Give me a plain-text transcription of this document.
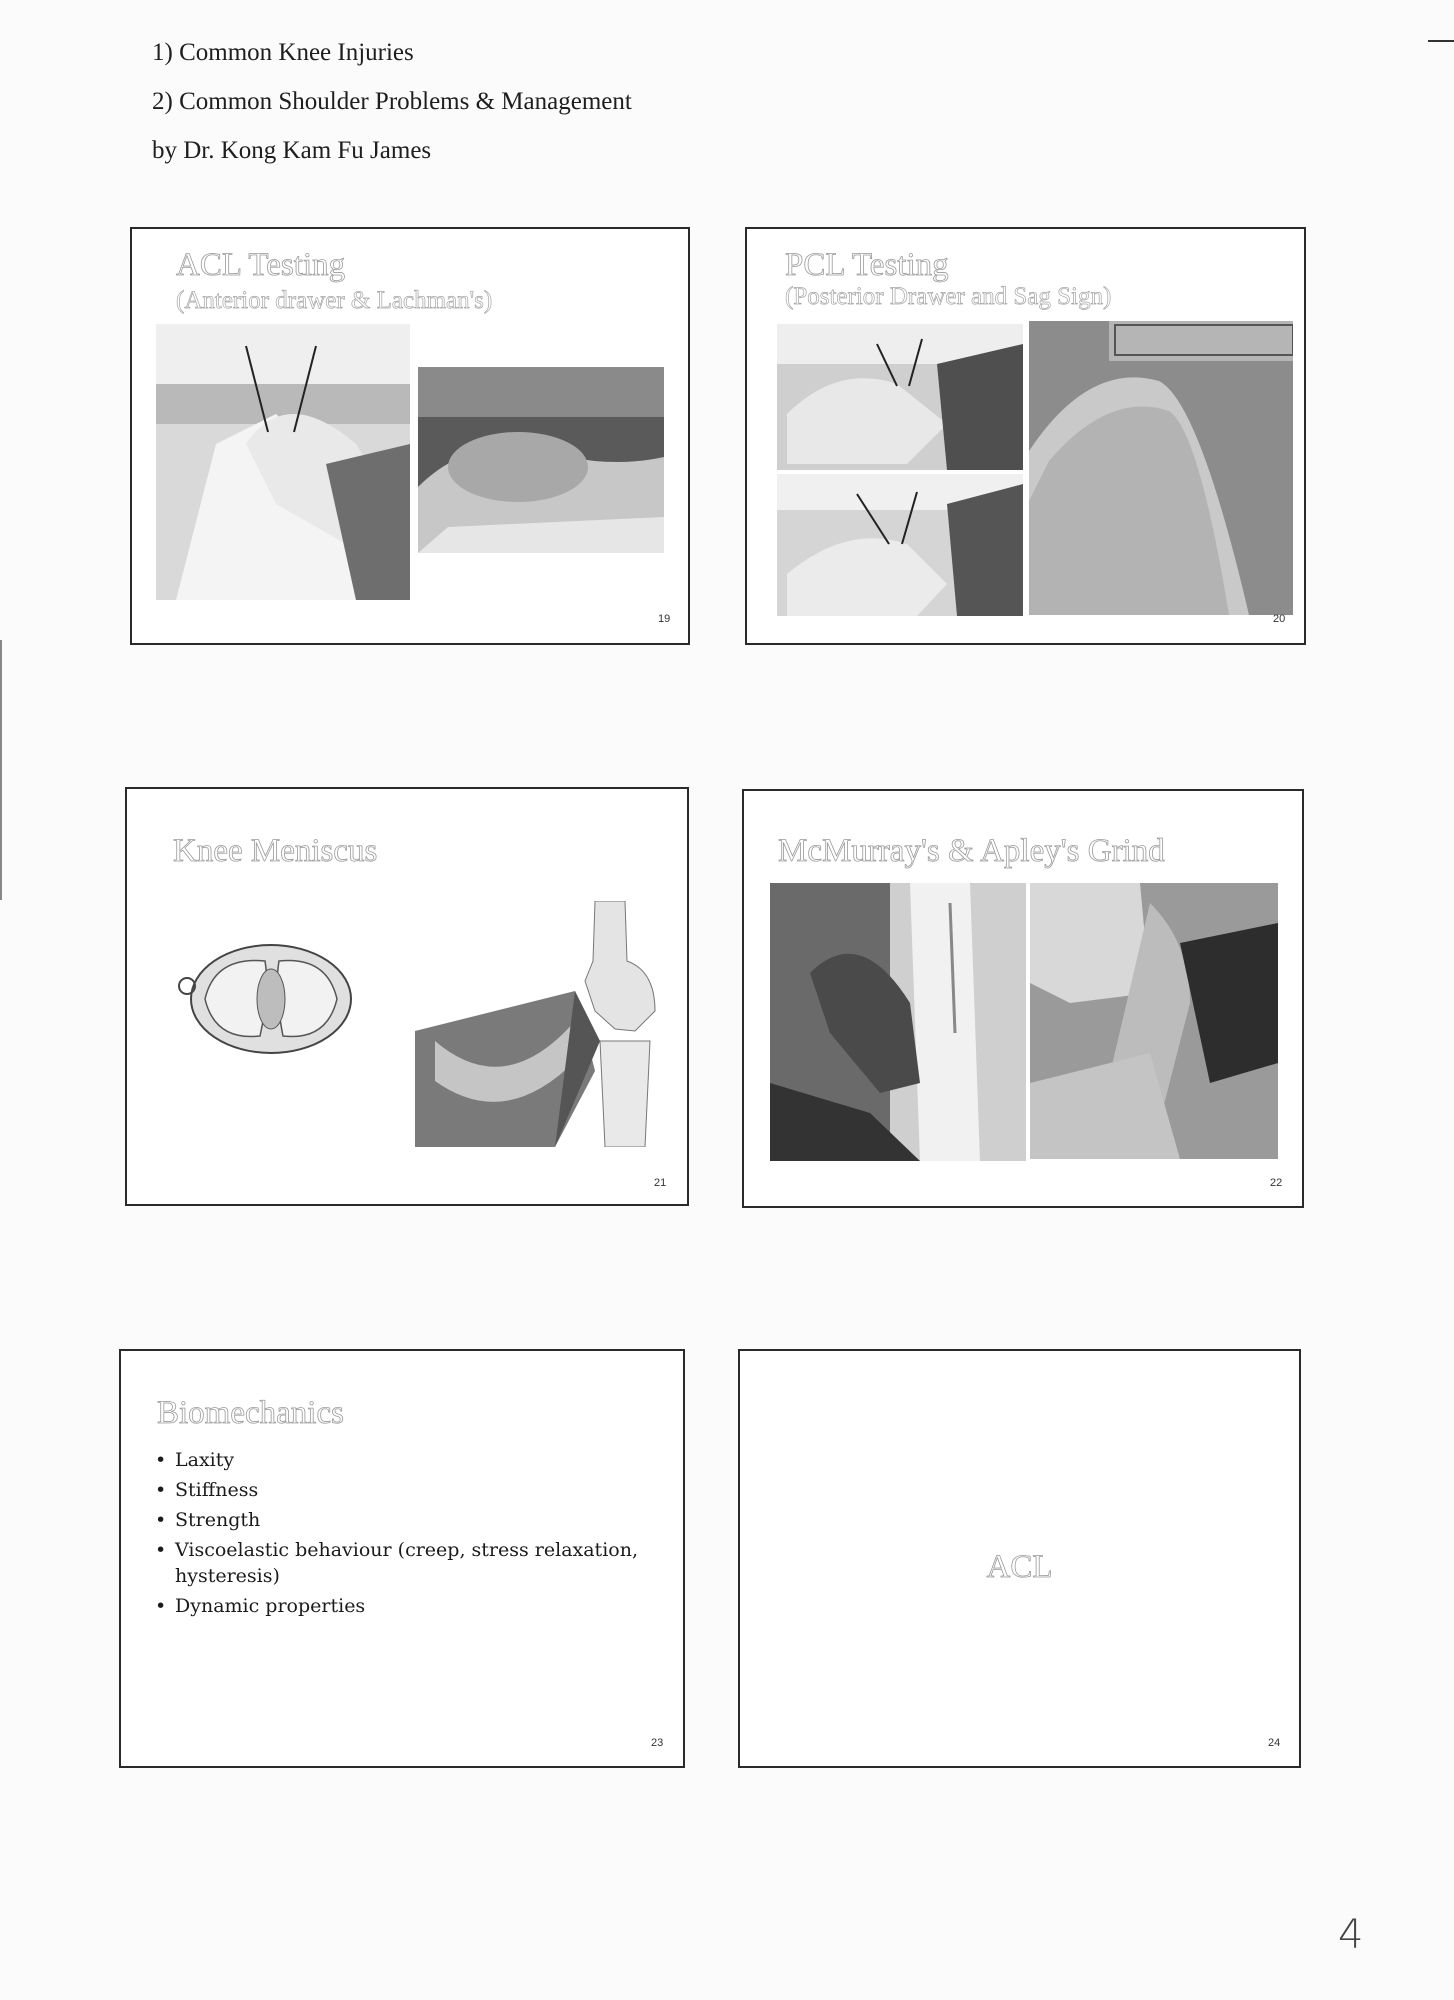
1) Common Knee Injuries
2) Common Shoulder Problems & Management
by Dr. Kong Kam Fu James
ACL Testing
(Anterior drawer & Lachman's)
19
PCL Testing
(Posterior Drawer and Sag Sign)
20
Knee Meniscus
21
McMurray's & Apley's Grind
22
Biomechanics
• Laxity
• Stiffness
• Strength
• Viscoelastic behaviour (creep, stress relaxation,
hysteresis)
• Dynamic properties
23
ACL
24
4
